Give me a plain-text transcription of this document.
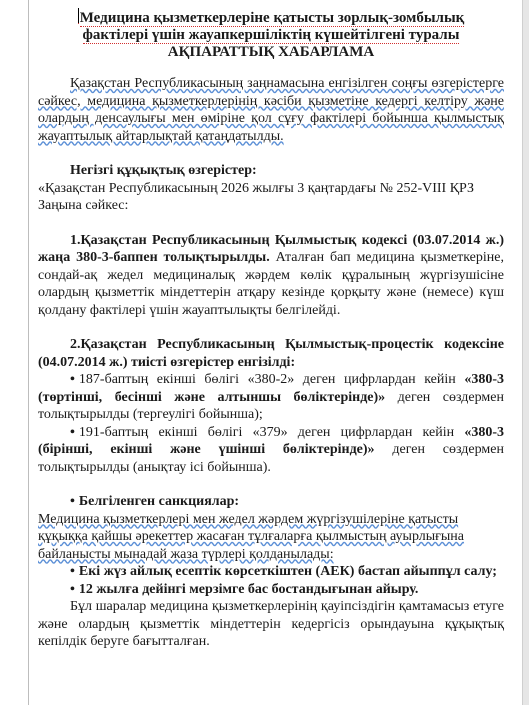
Медицина қызметкерлеріне қатысты зорлық-зомбылық
фактілері үшін жауапкершіліктің күшейтілгені туралы
АҚПАРАТТЫҚ ХАБАРЛАМА

Қазақстан Республикасының заңнамасына енгізілген соңғы өзгерістерге сәйкес, медицина қызметкерлерінің кәсіби қызметіне кедергі келтіру және олардың денсаулығы мен өміріне қол сұғу фактілері бойынша қылмыстық жауаптылық айтарлықтай қатаңдатылды.

Негізгі құқықтық өзгерістер:

«Қазақстан Республикасының 2026 жылғы 3 қаңтардағы № 252-VIII ҚРЗ Заңына сәйкес:

1.Қазақстан Республикасының Қылмыстық кодексі (03.07.2014 ж.) жаңа 380-3-баппен толықтырылды. Аталған бап медицина қызметкеріне, сондай-ақ жедел медициналық жәрдем көлік құралының жүргізушісіне олардың қызметтік міндеттерін атқару кезінде қорқыту және (немесе) күш қолдану фактілері үшін жауаптылықты белгілейді.

2.Қазақстан Республикасының Қылмыстық-процестік кодексіне (04.07.2014 ж.) тиісті өзгерістер енгізілді:

• 187-баптың екінші бөлігі «380-2» деген цифрлардан кейін «380-3 (төртінші, бесінші және алтыншы бөліктерінде)» деген сөздермен толықтырылды (тергеулігі бойынша);

• 191-баптың екінші бөлігі «379» деген цифрлардан кейін «380-3 (бірінші, екінші және үшінші бөліктерінде)» деген сөздермен толықтырылды (анықтау ісі бойынша).

• Белгіленген санкциялар:

Медицина қызметкерлері мен жедел жәрдем жүргізушілеріне қатысты құқыққа қайшы әрекеттер жасаған тұлғаларға қылмыстың ауырлығына байланысты мынадай жаза түрлері қолданылады:

• Екі жүз айлық есептік көрсеткіштен (АЕК) бастап айыппұл салу;

• 12 жылға дейінгі мерзімге бас бостандығынан айыру.

Бұл шаралар медицина қызметкерлерінің қауіпсіздігін қамтамасыз етуге және олардың қызметтік міндеттерін кедергісіз орындауына құқықтық кепілдік беруге бағытталған.
